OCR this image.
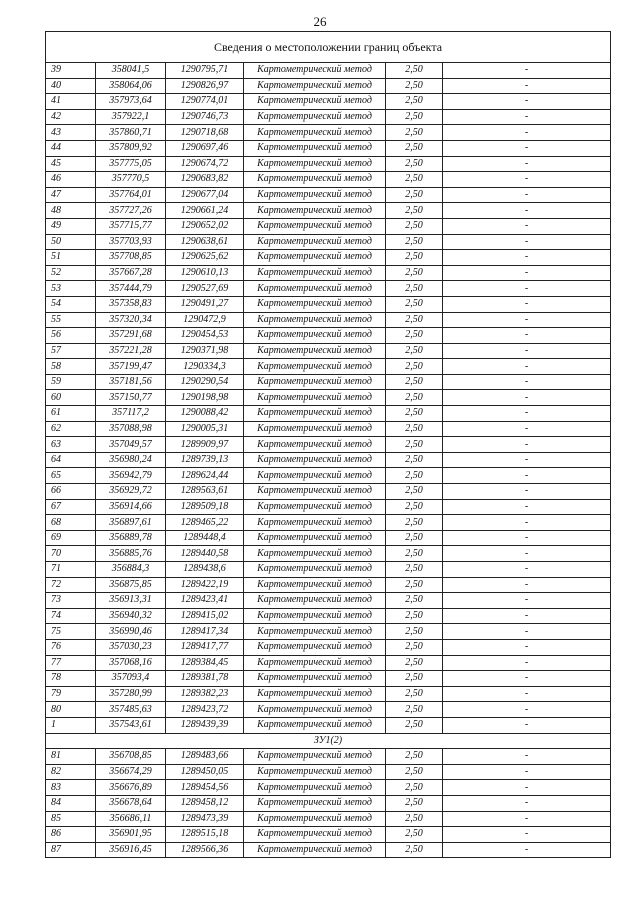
26
Сведения о местоположении границ объекта					
39	358041,5	1290795,71	Картометрический метод	2,50	-
40	358064,06	1290826,97	Картометрический метод	2,50	-
41	357973,64	1290774,01	Картометрический метод	2,50	-
42	357922,1	1290746,73	Картометрический метод	2,50	-
43	357860,71	1290718,68	Картометрический метод	2,50	-
44	357809,92	1290697,46	Картометрический метод	2,50	-
45	357775,05	1290674,72	Картометрический метод	2,50	-
46	357770,5	1290683,82	Картометрический метод	2,50	-
47	357764,01	1290677,04	Картометрический метод	2,50	-
48	357727,26	1290661,24	Картометрический метод	2,50	-
49	357715,77	1290652,02	Картометрический метод	2,50	-
50	357703,93	1290638,61	Картометрический метод	2,50	-
51	357708,85	1290625,62	Картометрический метод	2,50	-
52	357667,28	1290610,13	Картометрический метод	2,50	-
53	357444,79	1290527,69	Картометрический метод	2,50	-
54	357358,83	1290491,27	Картометрический метод	2,50	-
55	357320,34	1290472,9	Картометрический метод	2,50	-
56	357291,68	1290454,53	Картометрический метод	2,50	-
57	357221,28	1290371,98	Картометрический метод	2,50	-
58	357199,47	1290334,3	Картометрический метод	2,50	-
59	357181,56	1290290,54	Картометрический метод	2,50	-
60	357150,77	1290198,98	Картометрический метод	2,50	-
61	357117,2	1290088,42	Картометрический метод	2,50	-
62	357088,98	1290005,31	Картометрический метод	2,50	-
63	357049,57	1289909,97	Картометрический метод	2,50	-
64	356980,24	1289739,13	Картометрический метод	2,50	-
65	356942,79	1289624,44	Картометрический метод	2,50	-
66	356929,72	1289563,61	Картометрический метод	2,50	-
67	356914,66	1289509,18	Картометрический метод	2,50	-
68	356897,61	1289465,22	Картометрический метод	2,50	-
69	356889,78	1289448,4	Картометрический метод	2,50	-
70	356885,76	1289440,58	Картометрический метод	2,50	-
71	356884,3	1289438,6	Картометрический метод	2,50	-
72	356875,85	1289422,19	Картометрический метод	2,50	-
73	356913,31	1289423,41	Картометрический метод	2,50	-
74	356940,32	1289415,02	Картометрический метод	2,50	-
75	356990,46	1289417,34	Картометрический метод	2,50	-
76	357030,23	1289417,77	Картометрический метод	2,50	-
77	357068,16	1289384,45	Картометрический метод	2,50	-
78	357093,4	1289381,78	Картометрический метод	2,50	-
79	357280,99	1289382,23	Картометрический метод	2,50	-
80	357485,63	1289423,72	Картометрический метод	2,50	-
1	357543,61	1289439,39	Картометрический метод	2,50	-
ЗУ1(2)					
81	356708,85	1289483,66	Картометрический метод	2,50	-
82	356674,29	1289450,05	Картометрический метод	2,50	-
83	356676,89	1289454,56	Картометрический метод	2,50	-
84	356678,64	1289458,12	Картометрический метод	2,50	-
85	356686,11	1289473,39	Картометрический метод	2,50	-
86	356901,95	1289515,18	Картометрический метод	2,50	-
87	356916,45	1289566,36	Картометрический метод	2,50	-
